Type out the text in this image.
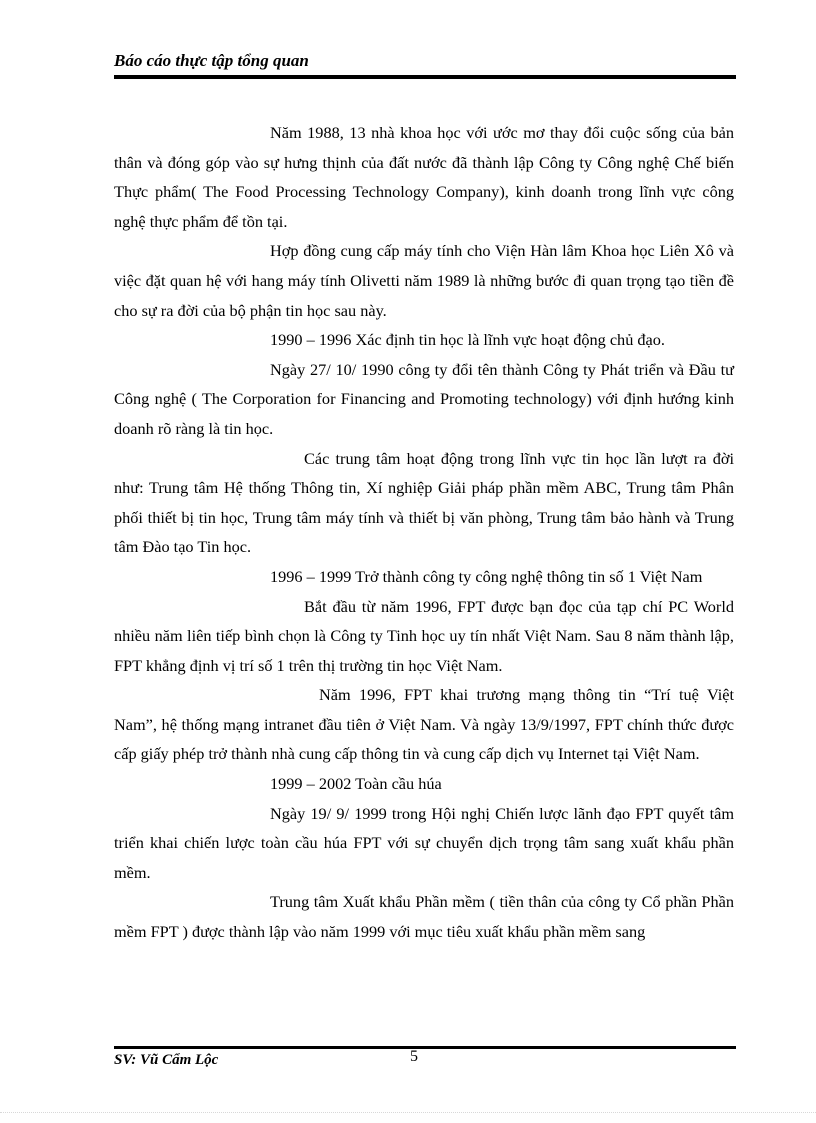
Báo cáo thực tập tổng quan

Năm 1988, 13 nhà khoa học với ước mơ thay đổi cuộc sống của bản thân và đóng góp vào sự hưng thịnh của đất nước đã thành lập Công ty Công nghệ Chế biến Thực phẩm( The Food Processing Technology Company), kinh doanh trong lĩnh vực công nghệ thực phẩm để tồn tại.

Hợp đồng cung cấp máy tính cho Viện Hàn lâm Khoa học Liên Xô và việc đặt quan hệ với hang máy tính Olivetti năm 1989 là những bước đi quan trọng tạo tiền đề cho sự ra đời của bộ phận tin học sau này.

1990 – 1996 Xác định tin học là lĩnh vực hoạt động chủ đạo.

Ngày 27/ 10/ 1990 công ty đổi tên thành Công ty Phát triển và Đầu tư Công nghệ ( The Corporation for Financing and Promoting technology) với định hướng kinh doanh rõ ràng là tin học.

Các trung tâm hoạt động trong lĩnh vực tin học lần lượt ra đời như: Trung tâm Hệ thống Thông tin, Xí nghiệp Giải pháp phần mềm ABC, Trung tâm Phân phối thiết bị tin học, Trung tâm máy tính và thiết bị văn phòng, Trung tâm bảo hành và Trung tâm Đào tạo Tin học.

1996 – 1999 Trở thành công ty công nghệ thông tin số 1 Việt Nam

Bắt đầu từ năm 1996, FPT được bạn đọc của tạp chí PC World nhiều năm liên tiếp bình chọn là Công ty Tinh học uy tín nhất Việt Nam. Sau 8 năm thành lập, FPT khẳng định vị trí số 1 trên thị trường tin học Việt Nam.

Năm 1996, FPT khai trương mạng thông tin “Trí tuệ Việt Nam”, hệ thống mạng intranet đầu tiên ở Việt Nam. Và ngày 13/9/1997, FPT chính thức được cấp giấy phép trở thành nhà cung cấp thông tin và cung cấp dịch vụ Internet tại Việt Nam.

1999 – 2002 Toàn cầu húa

Ngày 19/ 9/ 1999 trong Hội nghị Chiến lược lãnh đạo FPT quyết tâm triển khai chiến lược toàn cầu húa FPT với sự chuyển dịch trọng tâm sang xuất khẩu phần mềm.

Trung tâm Xuất khẩu Phần mềm ( tiền thân của công ty Cổ phần Phần mềm FPT ) được thành lập vào năm 1999 với mục tiêu xuất khẩu phần mềm sang

SV: Vũ Cẩm Lộc	5
